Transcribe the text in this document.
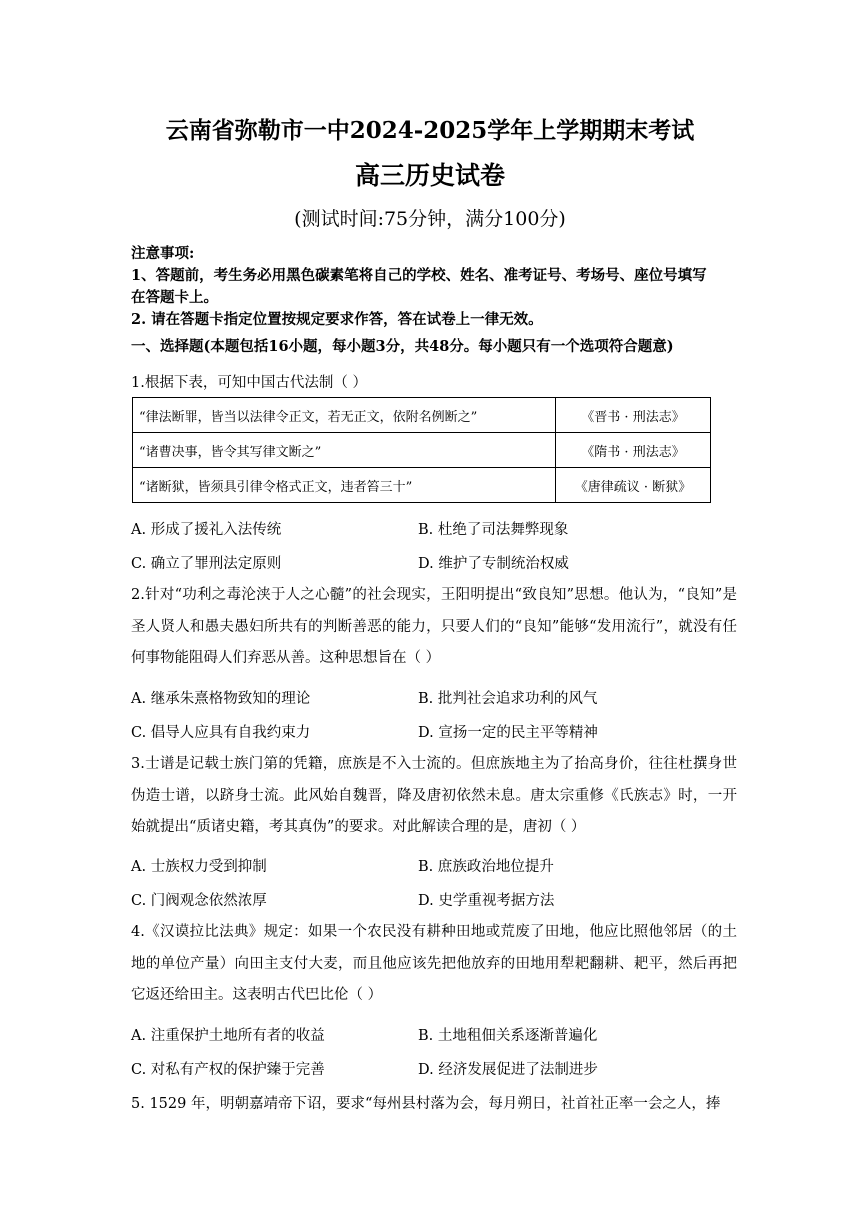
云南省弥勒市一中2024-2025学年上学期期末考试
高三历史试卷
(测试时间:75分钟，满分100分)
注意事项:
1、答题前，考生务必用黑色碳素笔将自己的学校、姓名、准考证号、考场号、座位号填写
在答题卡上。
2. 请在答题卡指定位置按规定要求作答，答在试卷上一律无效。
一、选择题(本题包括16小题，每小题3分，共48分。每小题只有一个选项符合题意)
1.根据下表，可知中国古代法制（ ）
“律法断罪，皆当以法律令正文，若无正文，依附名例断之”	《晋书 · 刑法志》
“诸曹决事，皆令其写律文断之”	《隋书 · 刑法志》
“诸断狱，皆须具引律令格式正文，违者笞三十”	《唐律疏议 · 断狱》
A. 形成了援礼入法传统	B. 杜绝了司法舞弊现象
C. 确立了罪刑法定原则	D. 维护了专制统治权威
2.针对“功利之毒沦浃于人之心髓”的社会现实，王阳明提出“致良知”思想。他认为，“良知”是圣人贤人和愚夫愚妇所共有的判断善恶的能力，只要人们的“良知”能够“发用流行”，就没有任何事物能阻碍人们弃恶从善。这种思想旨在（ ）
A. 继承朱熹格物致知的理论	B. 批判社会追求功利的风气
C. 倡导人应具有自我约束力	D. 宣扬一定的民主平等精神
3.士谱是记载士族门第的凭籍，庶族是不入士流的。但庶族地主为了抬高身价，往往杜撰身世伪造士谱，以跻身士流。此风始自魏晋，降及唐初依然未息。唐太宗重修《氏族志》时，一开始就提出“质诸史籍，考其真伪”的要求。对此解读合理的是，唐初（ ）
A. 士族权力受到抑制	B. 庶族政治地位提升
C. 门阀观念依然浓厚	D. 史学重视考据方法
4.《汉谟拉比法典》规定：如果一个农民没有耕种田地或荒废了田地，他应比照他邻居（的土地的单位产量）向田主支付大麦，而且他应该先把他放弃的田地用犁耙翻耕、耙平，然后再把它返还给田主。这表明古代巴比伦（ ）
A. 注重保护土地所有者的收益	B. 土地租佃关系逐渐普遍化
C. 对私有产权的保护臻于完善	D. 经济发展促进了法制进步
5. 1529 年，明朝嘉靖帝下诏，要求“每州县村落为会，每月朔日，社首社正率一会之人，捧
